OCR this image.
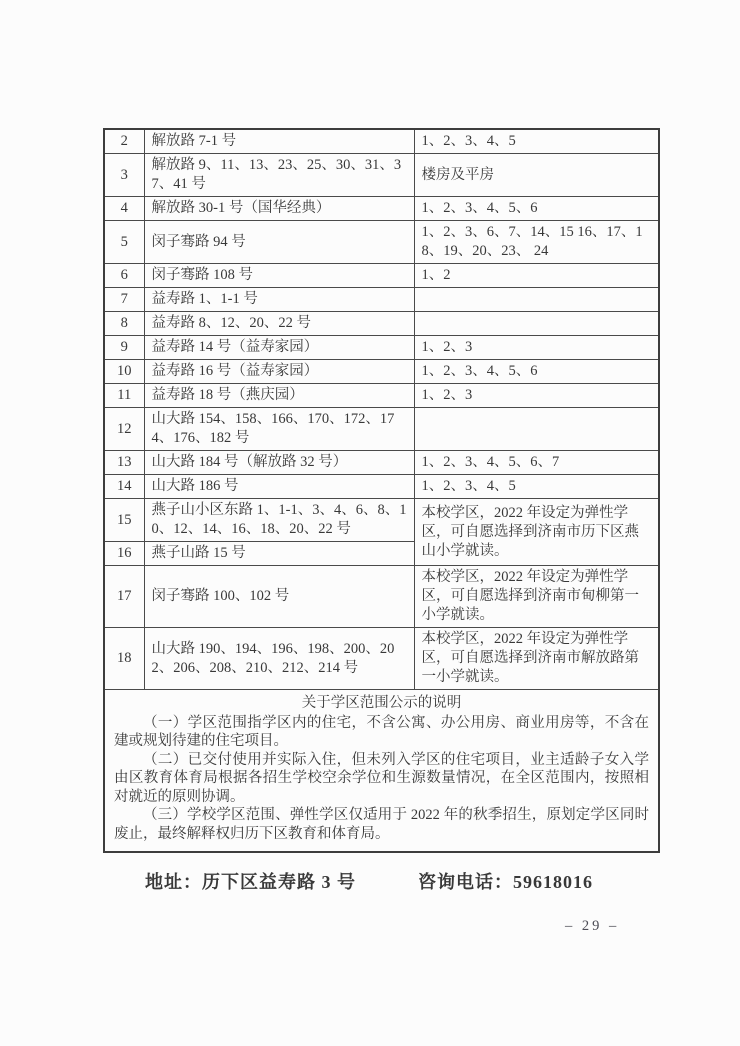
2	解放路 7-1 号	1、2、3、4、5
3	解放路 9、11、13、23、25、30、31、37、41 号	楼房及平房
4	解放路 30-1 号（国华经典）	1、2、3、4、5、6
5	闵子骞路 94 号	1、2、3、6、7、14、15 16、17、18、19、20、23、 24
6	闵子骞路 108 号	1、2
7	益寿路 1、1-1 号	
8	益寿路 8、12、20、22 号	
9	益寿路 14 号（益寿家园）	1、2、3
10	益寿路 16 号（益寿家园）	1、2、3、4、5、6
11	益寿路 18 号（燕庆园）	1、2、3
12	山大路 154、158、166、170、172、174、176、182 号	
13	山大路 184 号（解放路 32 号）	1、2、3、4、5、6、7
14	山大路 186 号	1、2、3、4、5
15	燕子山小区东路 1、1-1、3、4、6、8、10、12、14、16、18、20、22 号	本校学区，2022 年设定为弹性学区，可自愿选择到济南市历下区燕山小学就读。
16	燕子山路 15 号	
17	闵子骞路 100、102 号	本校学区，2022 年设定为弹性学区，可自愿选择到济南市甸柳第一小学就读。
18	山大路 190、194、196、198、200、202、206、208、210、212、214 号	本校学区，2022 年设定为弹性学区，可自愿选择到济南市解放路第一小学就读。

关于学区范围公示的说明

（一）学区范围指学区内的住宅，不含公寓、办公用房、商业用房等，不含在建或规划待建的住宅项目。

（二）已交付使用并实际入住，但未列入学区的住宅项目，业主适龄子女入学由区教育体育局根据各招生学校空余学位和生源数量情况，在全区范围内，按照相对就近的原则协调。

（三）学校学区范围、弹性学区仅适用于 2022 年的秋季招生，原划定学区同时废止，最终解释权归历下区教育和体育局。		

地址：历下区益寿路 3 号	咨询电话：59618016
– 29 –
